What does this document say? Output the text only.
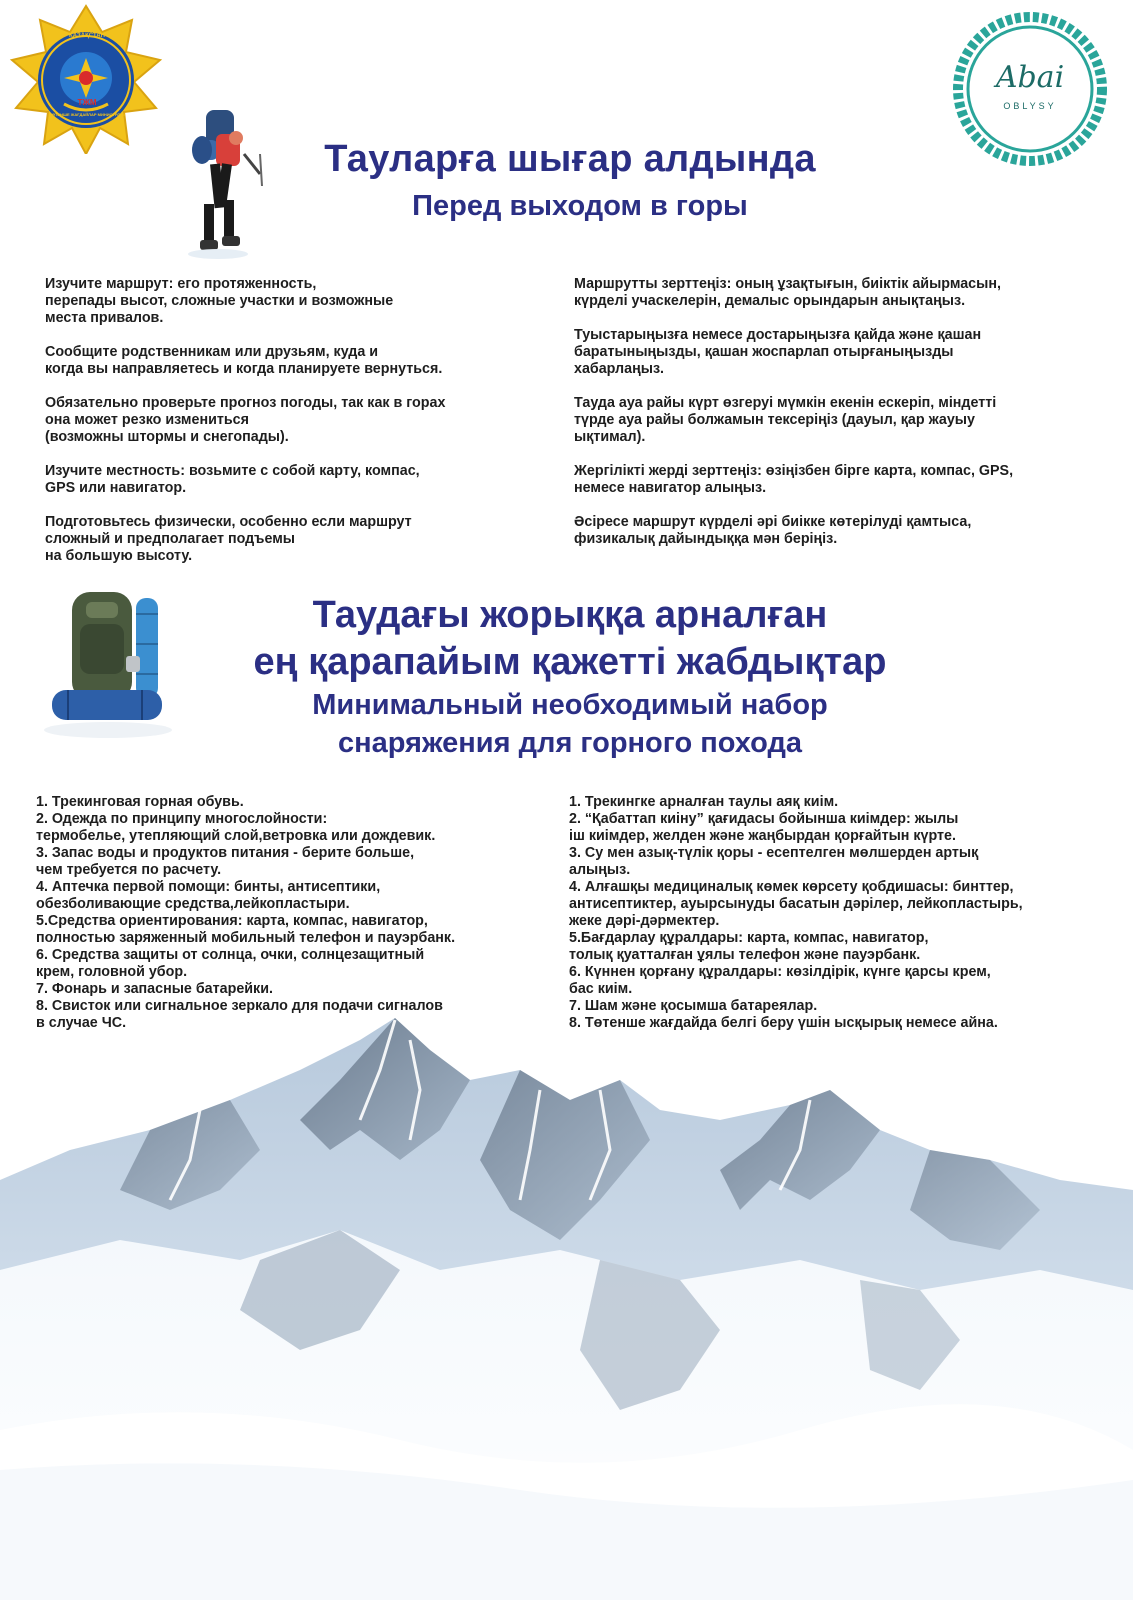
ҚАЗАҚСТАН
ТЖМ
ТӨТЕНШЕ ЖАҒДАЙЛАР МИНИСТРЛІГІ
Abai
OBLYSY
Тауларға шығар алдында
Перед выходом в горы

Изучите маршрут: его протяженность,
перепады высот, сложные участки и возможные
места привалов.

Сообщите родственникам или друзьям, куда и
когда вы направляетесь и когда планируете вернуться.

Обязательно проверьте прогноз погоды, так как в горах
она может резко измениться
(возможны штормы и снегопады).

Изучите местность: возьмите с собой карту, компас,
GPS или навигатор.

Подготовьтесь физически, особенно если маршрут
сложный и предполагает подъемы
на большую высоту.

Маршрутты зерттеңіз: оның ұзақтығын, биіктік айырмасын,
күрделі учаскелерін, демалыс орындарын анықтаңыз.

Туыстарыңызға немесе достарыңызға қайда және қашан
баратыныңызды, қашан жоспарлап отырғаныңызды
хабарлаңыз.

Тауда ауа райы күрт өзгеруі мүмкін екенін ескеріп, міндетті
түрде ауа райы болжамын тексеріңіз (дауыл, қар жауыу
ықтимал).

Жергілікті жерді зерттеңіз: өзіңізбен бірге карта, компас, GPS,
немесе навигатор алыңыз.

Әсіресе маршрут күрделі әрі биікке көтерілуді қамтыса,
физикалық дайындыққа мән беріңіз.

Таудағы жорыққа арналған
ең қарапайым қажетті жабдықтар
Минимальный необходимый набор
снаряжения для горного похода

1. Трекинговая горная обувь.

2. Одежда по принципу многослойности:
термобелье, утепляющий слой,ветровка или дождевик.

3. Запас воды и продуктов питания - берите больше,
чем требуется по расчету.

4. Аптечка первой помощи: бинты, антисептики,
обезболивающие средства,лейкопластыри.

5.Средства ориентирования: карта, компас, навигатор,
полностью заряженный мобильный телефон и пауэрбанк.

6. Средства защиты от солнца, очки, солнцезащитный
крем, головной убор.

7. Фонарь и запасные батарейки.

8. Свисток или сигнальное зеркало для подачи сигналов
в случае ЧС.

1. Трекингке арналған таулы аяқ киім.

2. “Қабаттап киіну” қағидасы бойынша киімдер: жылы
іш киімдер, желден және жаңбырдан қорғайтын күрте.

3. Су мен азық-түлік қоры - есептелген мөлшерден артық
алыңыз.

4. Алғашқы медициналық көмек көрсету қобдишасы: бинттер,
антисептиктер, ауырсынуды басатын дәрілер, лейкопластырь,
жеке дәрі-дәрмектер.

5.Бағдарлау құралдары: карта, компас, навигатор,
толық қуатталған ұялы телефон және пауэрбанк.

6. Күннен қорғану құралдары: көзілдірік, күнге қарсы крем,
бас киім.

7. Шам және қосымша батареялар.

8. Төтенше жағдайда белгі беру үшін ысқырық немесе айна.
